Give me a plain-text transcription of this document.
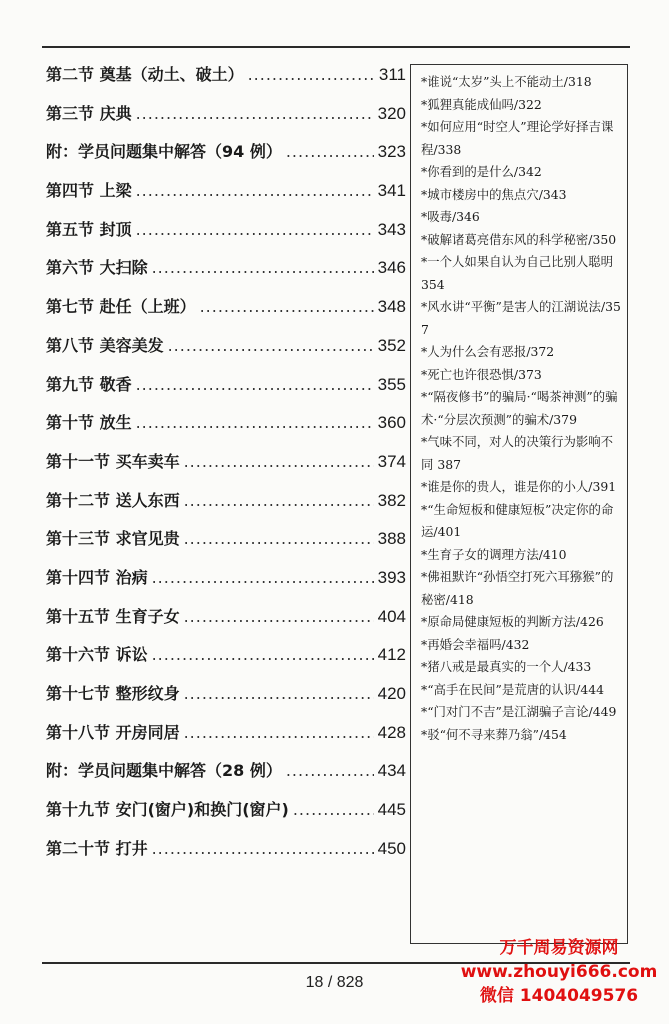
第二节 奠基（动土、破土） .....	311
第三节 庆典 .....	320
附：学员问题集中解答（94 例） .....	323
第四节 上梁 .....	341
第五节 封顶 .....	343
第六节 大扫除 .....	346
第七节 赴任（上班） .....	348
第八节 美容美发 .....	352
第九节 敬香 .....	355
第十节 放生 .....	360
第十一节 买车卖车 .....	374
第十二节 送人东西 .....	382
第十三节 求官见贵 .....	388
第十四节 治病 .....	393
第十五节 生育子女 .....	404
第十六节 诉讼 .....	412
第十七节 整形纹身 .....	420
第十八节 开房同居 .....	428
附：学员问题集中解答（28 例） .....	434
第十九节 安门(窗户)和换门(窗户) .....	445
第二十节 打井 .....	450

*谁说“太岁”头上不能动土/318

*狐狸真能成仙吗/322

*如何应用“时空人”理论学好择吉课程/338

*你看到的是什么/342

*城市楼房中的焦点穴/343

*吸毒/346

*破解诸葛亮借东风的科学秘密/350

*一个人如果自认为自己比别人聪明 354

*风水讲“平衡”是害人的江湖说法/357

*人为什么会有恶报/372

*死亡也许很恐惧/373

*“隔夜修书”的骗局·“喝茶神测”的骗术·“分层次预测”的骗术/379

*气味不同，对人的决策行为影响不同 387

*谁是你的贵人，谁是你的小人/391

*“生命短板和健康短板”决定你的命运/401

*生育子女的调理方法/410

*佛祖默许“孙悟空打死六耳猕猴”的秘密/418

*原命局健康短板的判断方法/426

*再婚会幸福吗/432

*猪八戒是最真实的一个人/433

*“高手在民间”是荒唐的认识/444

*“门对门不吉”是江湖骗子言论/449

*驳“何不寻来葬乃翁”/454

18 / 828
万千周易资源网
www.zhouyi666.com
微信 1404049576
